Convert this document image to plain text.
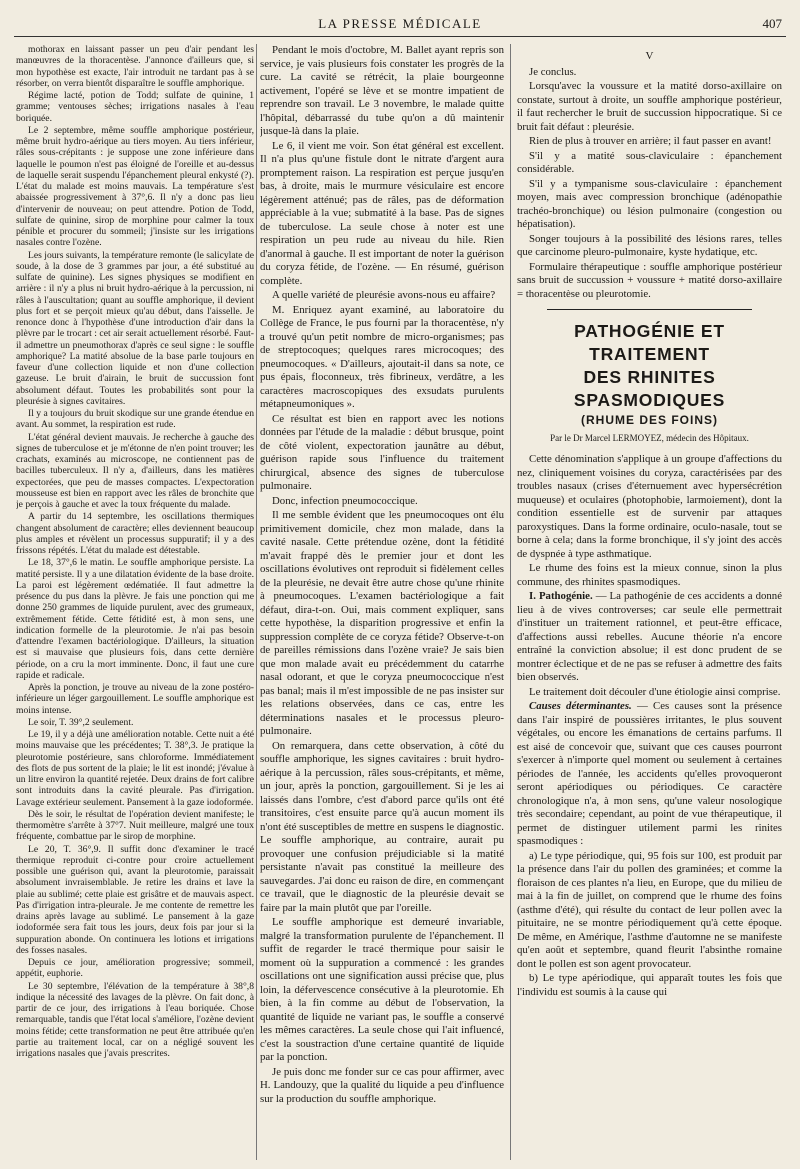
LA PRESSE MÉDICALE	407

mothorax en laissant passer un peu d'air pendant les manœuvres de la thoracentèse. J'annonce d'ailleurs que, si mon hypothèse est exacte, l'air introduit ne tardant pas à se résorber, on verra bientôt disparaître le souffle amphorique.

Régime lacté, potion de Todd; sulfate de quinine, 1 gramme; ventouses sèches; irrigations nasales à l'eau boriquée.

Le 2 septembre, même souffle amphorique postérieur, même bruit hydro-aérique au tiers moyen. Au tiers inférieur, râles sous-crépitants : je suppose une zone inférieure dans laquelle le poumon n'est pas éloigné de l'oreille et au-dessus de laquelle serait suspendu l'épanchement pleural enkysté (?). L'état du malade est moins mauvais. La température s'est abaissée progressivement à 37°,6. Il n'y a donc pas lieu d'intervenir de nouveau; on peut attendre. Potion de Todd, sulfate de quinine, sirop de morphine pour calmer la toux pénible et procurer du sommeil; j'insiste sur les irrigations nasales contre l'ozène.

Les jours suivants, la température remonte (le salicylate de soude, à la dose de 3 grammes par jour, a été substitué au sulfate de quinine). Les signes physiques se modifient en arrière : il n'y a plus ni bruit hydro-aérique à la percussion, ni râles à l'auscultation; quant au souffle amphorique, il devient plus fort et se perçoit mieux qu'au début, dans l'aisselle. Je renonce donc à l'hypothèse d'une introduction d'air dans la plèvre par le trocart : cet air serait actuellement résorbé. Faut-il admettre un pneumothorax d'après ce seul signe : le souffle amphorique? La matité absolue de la base parle toujours en faveur d'une collection liquide et non d'une collection gazeuse. Le bruit d'airain, le bruit de succussion font absolument défaut. Toutes les probabilités sont pour la pleurésie à signes cavitaires.

Il y a toujours du bruit skodique sur une grande étendue en avant. Au sommet, la respiration est rude.

L'état général devient mauvais. Je recherche à gauche des signes de tuberculose et je m'étonne de n'en point trouver; les crachats, examinés au microscope, ne contiennent pas de bacilles tuberculeux. Il n'y a, d'ailleurs, dans les matières expectorées, que peu de masses compactes. L'expectoration mousseuse est bien en rapport avec les râles de bronchite que je perçois à gauche et avec la toux fréquente du malade.

A partir du 14 septembre, les oscillations thermiques changent absolument de caractère; elles deviennent beaucoup plus amples et révèlent un processus suppuratif; il y a des frissons répétés. L'état du malade est détestable.

Le 18, 37°,6 le matin. Le souffle amphorique persiste. La matité persiste. Il y a une dilatation évidente de la base droite. La paroi est légèrement œdématiée. Il faut admettre la présence du pus dans la plèvre. Je fais une ponction qui me donne 250 grammes de liquide purulent, avec des grumeaux, extrêmement fétide. Cette fétidité est, à mon sens, une indication formelle de la pleurotomie. Je n'ai pas besoin d'attendre l'examen bactériologique. D'ailleurs, la situation est si mauvaise que plusieurs fois, dans cette dernière période, on a cru la mort imminente. Donc, il faut une cure rapide et radicale.

Après la ponction, je trouve au niveau de la zone postéro-inférieure un léger gargouillement. Le souffle amphorique est moins intense.

Le soir, T. 39°,2 seulement.

Le 19, il y a déjà une amélioration notable. Cette nuit a été moins mauvaise que les précédentes; T. 38°,3. Je pratique la pleurotomie postérieure, sans chloroforme. Immédiatement des flots de pus sortent de la plaie; le lit est inondé; j'évalue à un litre environ la quantité rejetée. Deux drains de fort calibre sont introduits dans la cavité pleurale. Pas d'irrigation. Lavage extérieur seulement. Pansement à la gaze iodoformée.

Dès le soir, le résultat de l'opération devient manifeste; le thermomètre s'arrête à 37°7. Nuit meilleure, malgré une toux fréquente, combattue par le sirop de morphine.

Le 20, T. 36°,9. Il suffit donc d'examiner le tracé thermique reproduit ci-contre pour croire actuellement possible une guérison qui, avant la pleurotomie, paraissait absolument invraisemblable. Je retire les drains et lave la plaie au sublimé; cette plaie est grisâtre et de mauvais aspect. Pas d'irrigation intra-pleurale. Je me contente de remettre les drains après lavage au sublimé. Le pansement à la gaze iodoformée sera fait tous les jours, deux fois par jour si la suppuration abonde. On continuera les lotions et irrigations des fosses nasales.

Depuis ce jour, amélioration progressive; sommeil, appétit, euphorie.

Le 30 septembre, l'élévation de la température à 38°,8 indique la nécessité des lavages de la plèvre. On fait donc, à partir de ce jour, des irrigations à l'eau boriquée. Chose remarquable, tandis que l'état local s'améliore, l'ozène devient moins fétide; cette transformation ne peut être attribuée qu'en partie au traitement local, car on a négligé souvent les irrigations nasales que j'avais prescrites.

Pendant le mois d'octobre, M. Ballet ayant repris son service, je vais plusieurs fois constater les progrès de la cure. La cavité se rétrécit, la plaie bourgeonne activement, l'opéré se lève et se montre impatient de reprendre son travail. Le 3 novembre, le malade quitte l'hôpital, débarrassé du tube qu'on a dû maintenir jusque-là dans la plaie.

Le 6, il vient me voir. Son état général est excellent. Il n'a plus qu'une fistule dont le nitrate d'argent aura promptement raison. La respiration est perçue jusqu'en bas, à droite, mais le murmure vésiculaire est encore légèrement atténué; pas de râles, pas de déformation appréciable à la vue; submatité à la base. Pas de signes de tuberculose. La seule chose à noter est une respiration un peu rude au niveau du hile. Rien d'anormal à gauche. Il est important de noter la guérison du coryza fétide, de l'ozène. — En résumé, guérison complète.

A quelle variété de pleurésie avons-nous eu affaire?

M. Enriquez ayant examiné, au laboratoire du Collège de France, le pus fourni par la thoracentèse, n'y a trouvé qu'un petit nombre de micro-organismes; pas de streptocoques; quelques rares microcoques; des pneumocoques. « D'ailleurs, ajoutait-il dans sa note, ce pus épais, floconneux, très fibrineux, verdâtre, a les caractères macroscopiques des exsudats purulents métapneumoniques ».

Ce résultat est bien en rapport avec les notions données par l'étude de la maladie : début brusque, point de côté violent, expectoration jaunâtre au début, guérison rapide sous l'influence du traitement chirurgical, absence des signes de tuberculose pulmonaire.

Donc, infection pneumococcique.

Il me semble évident que les pneumocoques ont élu primitivement domicile, chez mon malade, dans la cavité nasale. Cette prétendue ozène, dont la fétidité m'avait frappé dès le premier jour et dont les oscillations évolutives ont reproduit si fidèlement celles de la pleurésie, ne devait être autre chose qu'une rhinite à pneumocoques. L'examen bactériologique a fait défaut, dira-t-on. Oui, mais comment expliquer, sans cette hypothèse, la disparition progressive et enfin la suppression complète de ce coryza fétide? Observe-t-on de pareilles rémissions dans l'ozène vraie? Je sais bien que mon malade avait eu précédemment du catarrhe nasal odorant, et que le coryza pneumococcique n'est pas banal; mais il m'est impossible de ne pas insister sur les relations observées, dans ce cas, entre les déterminations nasales et le processus pleuro-pulmonaire.

On remarquera, dans cette observation, à côté du souffle amphorique, les signes cavitaires : bruit hydro-aérique à la percussion, râles sous-crépitants, et même, un jour, après la ponction, gargouillement. Si je les ai laissés dans l'ombre, c'est d'abord parce qu'ils ont été transitoires, c'est ensuite parce qu'à aucun moment ils n'ont été susceptibles de mettre en suspens le diagnostic. Le souffle amphorique, au contraire, aurait pu provoquer une confusion préjudiciable si la matité persistante n'avait pas constitué la meilleure des sauvegardes. J'ai donc eu raison de dire, en commençant ce travail, que le diagnostic de la pleurésie devait se faire par la main plutôt que par l'oreille.

Le souffle amphorique est demeuré invariable, malgré la transformation purulente de l'épanchement. Il suffit de regarder le tracé thermique pour saisir le moment où la suppuration a commencé : les grandes oscillations ont une signification aussi précise que, plus loin, la défervescence consécutive à la pleurotomie. Eh bien, à la fin comme au début de l'observation, la quantité de liquide ne variant pas, le souffle a conservé les mêmes caractères. La seule chose qui l'ait influencé, c'est la soustraction d'une certaine quantité de liquide par la ponction.

Je puis donc me fonder sur ce cas pour affirmer, avec H. Landouzy, que la qualité du liquide a peu d'influence sur la production du souffle amphorique.

V

Je conclus.

Lorsqu'avec la voussure et la matité dorso-axillaire on constate, surtout à droite, un souffle amphorique postérieur, il faut rechercher le bruit de succussion hippocratique. Si ce bruit fait défaut : pleurésie.

Rien de plus à trouver en arrière; il faut passer en avant!

S'il y a matité sous-claviculaire : épanchement considérable.

S'il y a tympanisme sous-claviculaire : épanchement moyen, mais avec compression bronchique (adénopathie trachéo-bronchique) ou lésion pulmonaire (congestion ou hépatisation).

Songer toujours à la possibilité des lésions rares, telles que carcinome pleuro-pulmonaire, kyste hydatique, etc.

Formulaire thérapeutique : souffle amphorique postérieur sans bruit de succussion + voussure + matité dorso-axillaire = thoracentèse ou pleurotomie.

PATHOGÉNIE ET TRAITEMENT
DES RHINITES SPASMODIQUES
(RHUME DES FOINS)

Par le Dr Marcel LERMOYEZ, médecin des Hôpitaux.

Cette dénomination s'applique à un groupe d'affections du nez, cliniquement voisines du coryza, caractérisées par des troubles nasaux (crises d'éternuement avec hypersécrétion muqueuse) et oculaires (photophobie, larmoiement), dont la condition essentielle est de survenir par attaques paroxystiques. Dans la forme ordinaire, oculo-nasale, tout se borne à cela; dans la forme bronchique, il s'y joint des accès de dyspnée à type asthmatique.

Le rhume des foins est la mieux connue, sinon la plus commune, des rhinites spasmodiques.

I. Pathogénie. — La pathogénie de ces accidents a donné lieu à de vives controverses; car seule elle permettrait d'instituer un traitement rationnel, et peut-être efficace, d'affections aussi rebelles. Aucune théorie n'a encore entraîné la conviction absolue; il est donc prudent de se montrer éclectique et de ne pas se refuser à admettre des faits bien observés.

Le traitement doit découler d'une étiologie ainsi comprise.

Causes déterminantes. — Ces causes sont la présence dans l'air inspiré de poussières irritantes, le plus souvent végétales, ou encore les émanations de certains parfums. Il est aisé de concevoir que, suivant que ces causes pourront s'exercer à n'importe quel moment ou seulement à certaines périodes de l'année, les accidents qu'elles provoqueront seront apériodiques ou périodiques. Ce caractère chronologique n'a, à mon sens, qu'une valeur nosologique très secondaire; cependant, au point de vue thérapeutique, il permet de distinguer utilement parmi les rinites spasmodiques :

a) Le type périodique, qui, 95 fois sur 100, est produit par la présence dans l'air du pollen des graminées; et comme la floraison de ces plantes n'a lieu, en Europe, que du milieu de mai à la fin de juillet, on comprend que le rhume des foins (asthme d'été), qui résulte du contact de leur pollen avec la pituitaire, ne se montre périodiquement qu'à cette époque. De même, en Amérique, l'asthme d'automne ne se manifeste qu'en août et septembre, quand fleurit l'absinthe romaine dont le pollen est son agent provocateur.

b) Le type apériodique, qui apparaît toutes les fois que l'individu est soumis à la cause qui
